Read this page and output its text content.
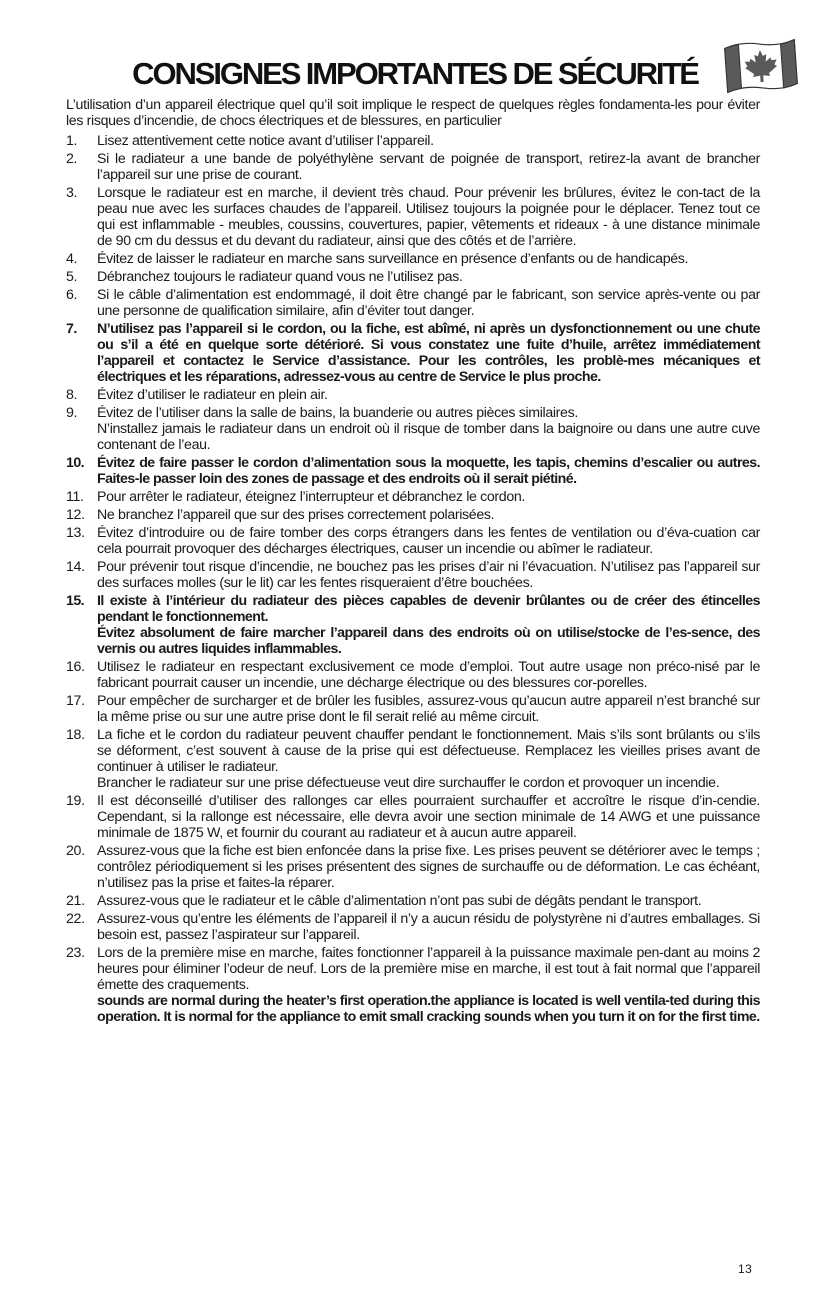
CONSIGNES IMPORTANTES DE SÉCURITÉ

L’utilisation d’un appareil électrique quel qu’il soit implique le respect de quelques règles fondamenta-les pour éviter les risques d’incendie, de chocs électriques et de blessures, en particulier

1.	Lisez attentivement cette notice avant d’utiliser l’appareil.
2.	Si le radiateur a une bande de polyéthylène servant de poignée de transport, retirez-la avant de brancher l’appareil sur une prise de courant.
3.	Lorsque le radiateur est en marche, il devient très chaud. Pour prévenir les brûlures, évitez le con-tact de la peau nue avec les surfaces chaudes de l’appareil. Utilisez toujours la poignée pour le déplacer. Tenez tout ce qui est inflammable - meubles, coussins, couvertures, papier, vêtements et rideaux - à une distance minimale de 90 cm du dessus et du devant du radiateur, ainsi que des côtés et de l’arrière.
4.	Évitez de laisser le radiateur en marche sans surveillance en présence d’enfants ou de handicapés.
5.	Débranchez toujours le radiateur quand vous ne l’utilisez pas.
6.	Si le câble d’alimentation est endommagé, il doit être changé par le fabricant, son service après-vente ou par une personne de qualification similaire, afin d’éviter tout danger.
7.	N’utilisez pas l’appareil si le cordon, ou la fiche, est abîmé, ni après un dysfonctionnement ou une chute ou s’il a été en quelque sorte détérioré. Si vous constatez une fuite d’huile, arrêtez immédiatement l’appareil et contactez le Service d’assistance. Pour les contrôles, les problè-mes mécaniques et électriques et les réparations, adressez-vous au centre de Service le plus proche.
8.	Évitez d’utiliser le radiateur en plein air.
9.	Évitez de l’utiliser dans la salle de bains, la buanderie ou autres pièces similaires.
N’installez jamais le radiateur dans un endroit où il risque de tomber dans la baignoire ou dans une autre cuve contenant de l’eau.
10. Évitez de faire passer le cordon d’alimentation sous la moquette, les tapis, chemins d’escalier ou autres. Faites-le passer loin des zones de passage et des endroits où il serait piétiné.
11. Pour arrêter le radiateur, éteignez l’interrupteur et débranchez le cordon.
12. Ne branchez l’appareil que sur des prises correctement polarisées.
13. Évitez d’introduire ou de faire tomber des corps étrangers dans les fentes de ventilation ou d’éva-cuation car cela pourrait provoquer des décharges électriques, causer un incendie ou abîmer le radiateur.
14. Pour prévenir tout risque d’incendie, ne bouchez pas les prises d’air ni l’évacuation. N’utilisez pas l’appareil sur des surfaces molles (sur le lit) car les fentes risqueraient d’être bouchées.
15. Il existe à l’intérieur du radiateur des pièces capables de devenir brûlantes ou de créer des étincelles pendant le fonctionnement.
Évitez absolument de faire marcher l’appareil dans des endroits où on utilise/stocke de l’es-sence, des vernis ou autres liquides inflammables.
16. Utilisez le radiateur en respectant exclusivement ce mode d’emploi. Tout autre usage non préco-nisé par le fabricant pourrait causer un incendie, une décharge électrique ou des blessures cor-porelles.
17. Pour empêcher de surcharger et de brûler les fusibles, assurez-vous qu’aucun autre appareil n’est branché sur la même prise ou sur une autre prise dont le fil serait relié au même circuit.
18. La fiche et le cordon du radiateur peuvent chauffer pendant le fonctionnement. Mais s’ils sont brûlants ou s’ils se déforment, c’est souvent à cause de la prise qui est défectueuse. Remplacez les vieilles prises avant de continuer à utiliser le radiateur.
Brancher le radiateur sur une prise défectueuse veut dire surchauffer le cordon et provoquer un incendie.
19. Il est déconseillé d’utiliser des rallonges car elles pourraient surchauffer et accroître le risque d’in-cendie. Cependant, si la rallonge est nécessaire, elle devra avoir une section minimale de 14 AWG et une puissance minimale de 1875 W, et fournir du courant au radiateur et à aucun autre appareil.
20. Assurez-vous que la fiche est bien enfoncée dans la prise fixe. Les prises peuvent se détériorer avec le temps ; contrôlez périodiquement si les prises présentent des signes de surchauffe ou de déformation. Le cas échéant, n’utilisez pas la prise et faites-la réparer.
21. Assurez-vous que le radiateur et le câble d’alimentation n’ont pas subi de dégâts pendant le transport.
22. Assurez-vous qu’entre les éléments de l’appareil il n’y a aucun résidu de polystyrène ni d’autres emballages. Si besoin est, passez l’aspirateur sur l’appareil.
23. Lors de la première mise en marche, faites fonctionner l’appareil à la puissance maximale pen-dant au moins 2 heures pour éliminer l’odeur de neuf. Lors de la première mise en marche, il est tout à fait normal que l’appareil émette des craquements.
sounds are normal during the heater’s first operation.the appliance is located is well ventila-ted during this operation. It is normal for the appliance to emit small cracking sounds when you turn it on for the first time.

13
